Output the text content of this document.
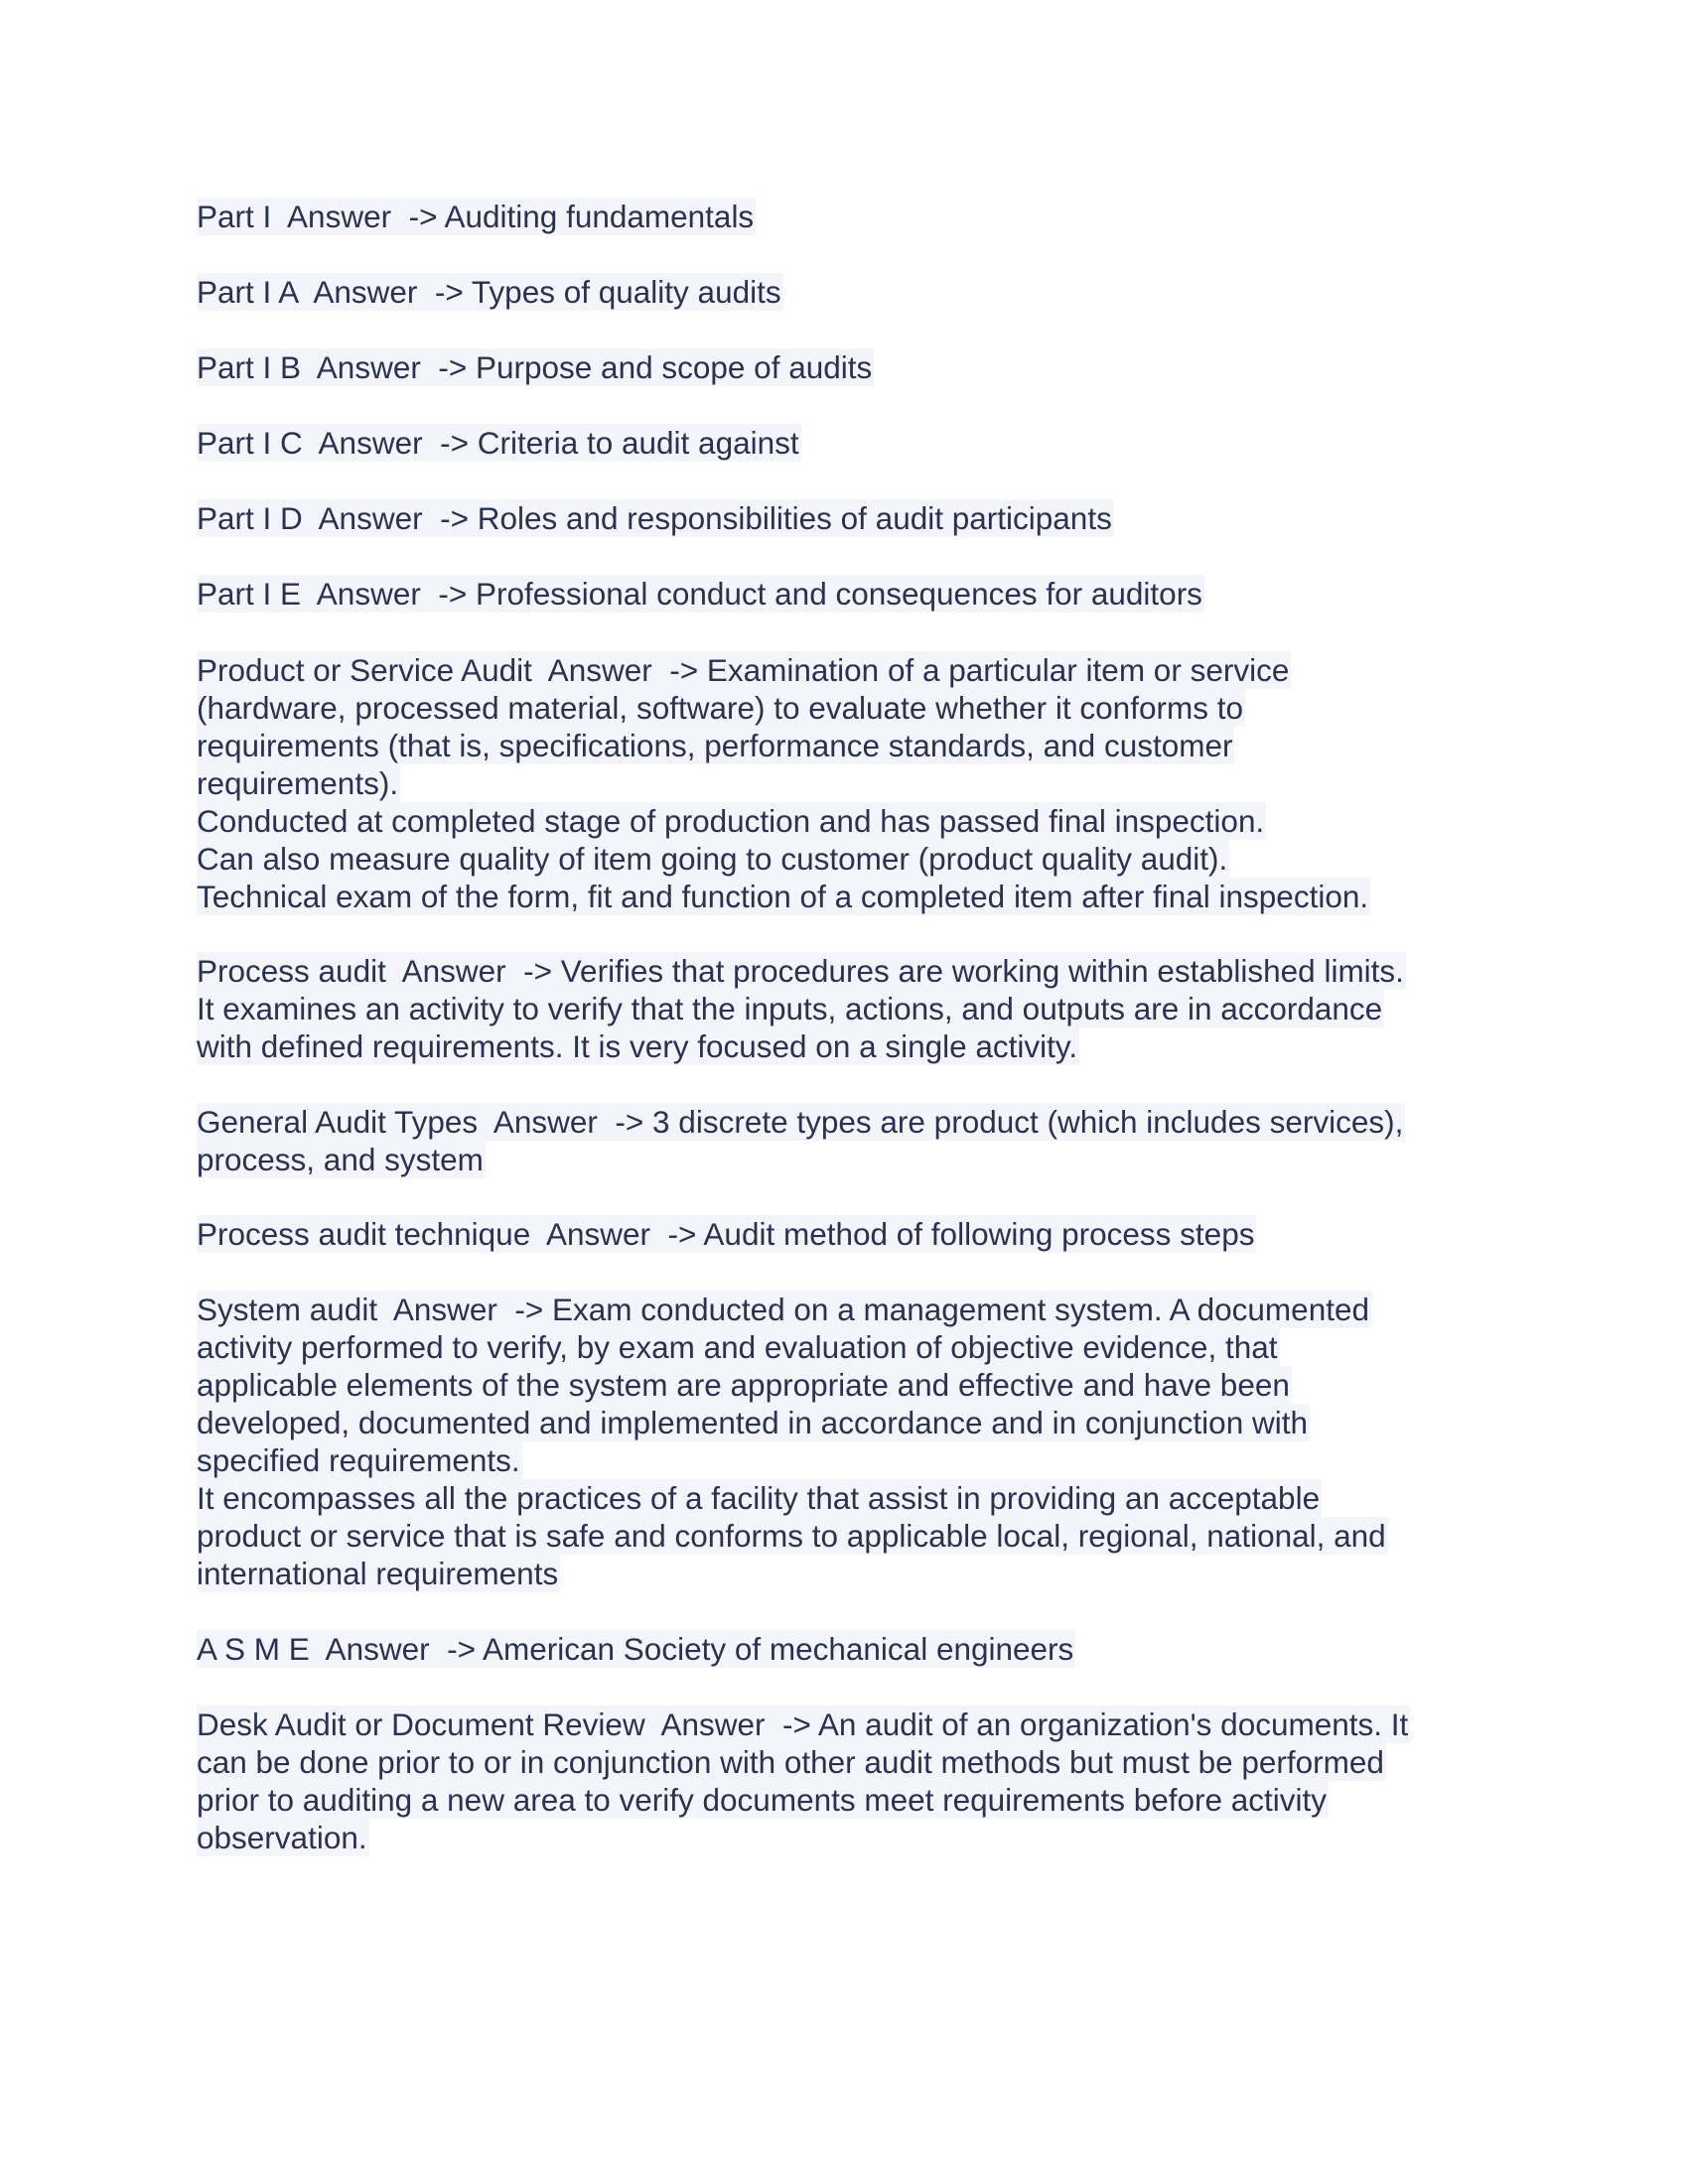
Part I  Answer  -> Auditing fundamentals
Part I A  Answer  -> Types of quality audits
Part I B  Answer  -> Purpose and scope of audits
Part I C  Answer  -> Criteria to audit against
Part I D  Answer  -> Roles and responsibilities of audit participants
Part I E  Answer  -> Professional conduct and consequences for auditors
Product or Service Audit  Answer  -> Examination of a particular item or service
(hardware, processed material, software) to evaluate whether it conforms to
requirements (that is, specifications, performance standards, and customer
requirements).
Conducted at completed stage of production and has passed final inspection.
Can also measure quality of item going to customer (product quality audit).
Technical exam of the form, fit and function of a completed item after final inspection.
Process audit  Answer  -> Verifies that procedures are working within established limits.
It examines an activity to verify that the inputs, actions, and outputs are in accordance
with defined requirements. It is very focused on a single activity.
General Audit Types  Answer  -> 3 discrete types are product (which includes services),
process, and system
Process audit technique  Answer  -> Audit method of following process steps
System audit  Answer  -> Exam conducted on a management system. A documented
activity performed to verify, by exam and evaluation of objective evidence, that
applicable elements of the system are appropriate and effective and have been
developed, documented and implemented in accordance and in conjunction with
specified requirements.
It encompasses all the practices of a facility that assist in providing an acceptable
product or service that is safe and conforms to applicable local, regional, national, and
international requirements
A S M E  Answer  -> American Society of mechanical engineers
Desk Audit or Document Review  Answer  -> An audit of an organization's documents. It
can be done prior to or in conjunction with other audit methods but must be performed
prior to auditing a new area to verify documents meet requirements before activity
observation.
